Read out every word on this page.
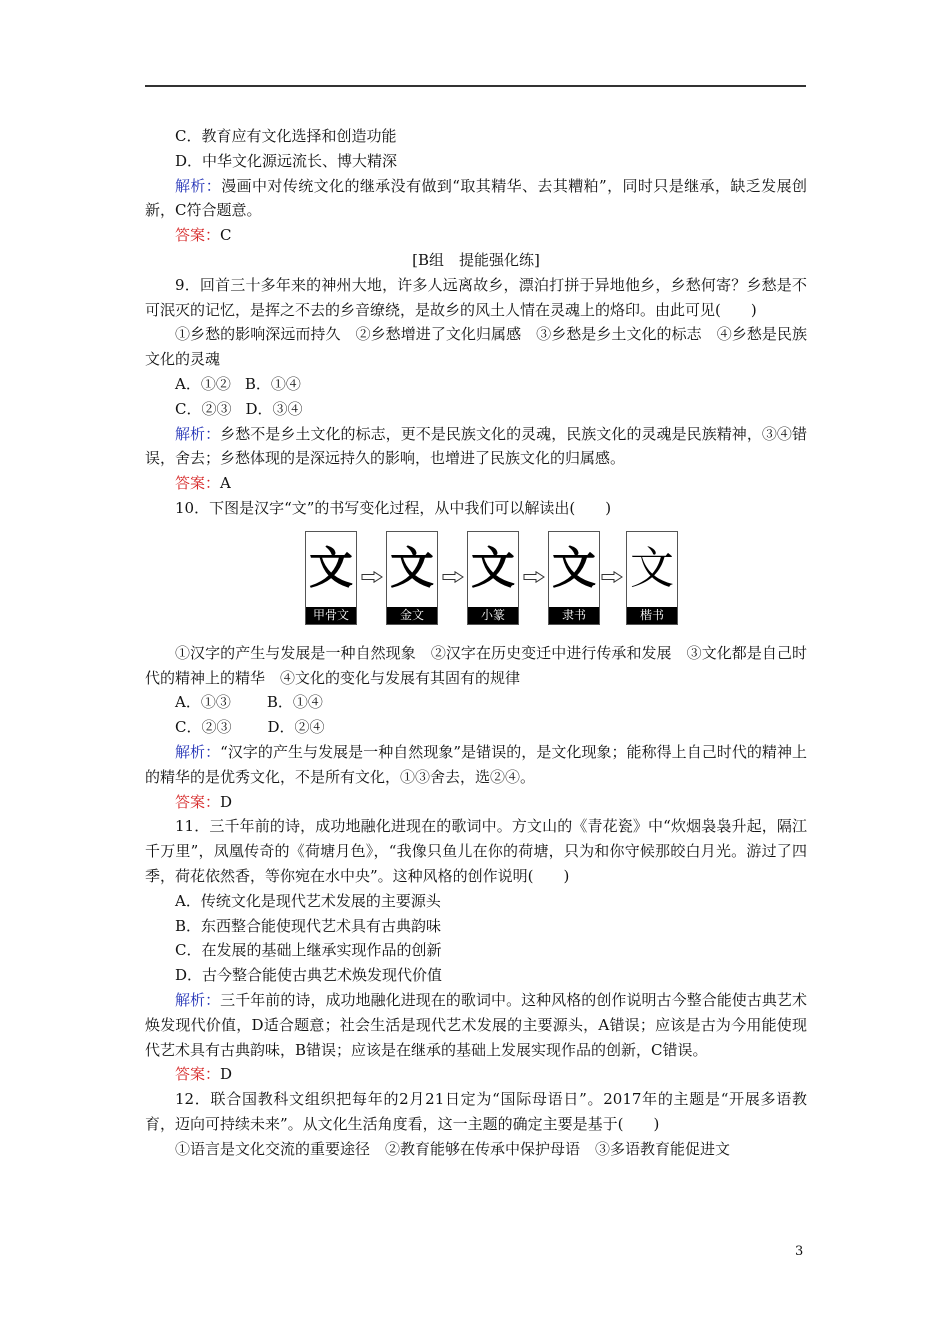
C．教育应有文化选择和创造功能

D．中华文化源远流长、博大精深

解析：漫画中对传统文化的继承没有做到“取其精华、去其糟粕”，同时只是继承，缺乏发展创新，C符合题意。

答案：C

[B组　提能强化练]

9．回首三十多年来的神州大地，许多人远离故乡，漂泊打拼于异地他乡，乡愁何寄？乡愁是不可泯灭的记忆，是挥之不去的乡音缭绕，是故乡的风土人情在灵魂上的烙印。由此可见(　　)

①乡愁的影响深远而持久　②乡愁增进了文化归属感　③乡愁是乡土文化的标志　④乡愁是民族文化的灵魂

A．①② B．①④

C．②③ D．③④

解析：乡愁不是乡土文化的标志，更不是民族文化的灵魂，民族文化的灵魂是民族精神，③④错误，舍去；乡愁体现的是深远持久的影响，也增进了民族文化的归属感。

答案：A

10．下图是汉字“文”的书写变化过程，从中我们可以解读出(　　)

文
甲骨文
文
金文
文
小篆
文
隶书
文
楷书

①汉字的产生与发展是一种自然现象　②汉字在历史变迁中进行传承和发展　③文化都是自己时代的精神上的精华　④文化的变化与发展有其固有的规律

A．①③ B．①④

C．②③ D．②④

解析：“汉字的产生与发展是一种自然现象”是错误的，是文化现象；能称得上自己时代的精神上的精华的是优秀文化，不是所有文化，①③舍去，选②④。

答案：D

11．三千年前的诗，成功地融化进现在的歌词中。方文山的《青花瓷》中“炊烟袅袅升起，隔江千万里”，凤凰传奇的《荷塘月色》，“我像只鱼儿在你的荷塘，只为和你守候那皎白月光。游过了四季，荷花依然香，等你宛在水中央”。这种风格的创作说明(　　)

A．传统文化是现代艺术发展的主要源头

B．东西整合能使现代艺术具有古典韵味

C．在发展的基础上继承实现作品的创新

D．古今整合能使古典艺术焕发现代价值

解析：三千年前的诗，成功地融化进现在的歌词中。这种风格的创作说明古今整合能使古典艺术焕发现代价值，D适合题意；社会生活是现代艺术发展的主要源头，A错误；应该是古为今用能使现代艺术具有古典韵味，B错误；应该是在继承的基础上发展实现作品的创新，C错误。

答案：D

12．联合国教科文组织把每年的2月21日定为“国际母语日”。2017年的主题是“开展多语教育，迈向可持续未来”。从文化生活角度看，这一主题的确定主要是基于(　　)

①语言是文化交流的重要途径　②教育能够在传承中保护母语　③多语教育能促进文

3
